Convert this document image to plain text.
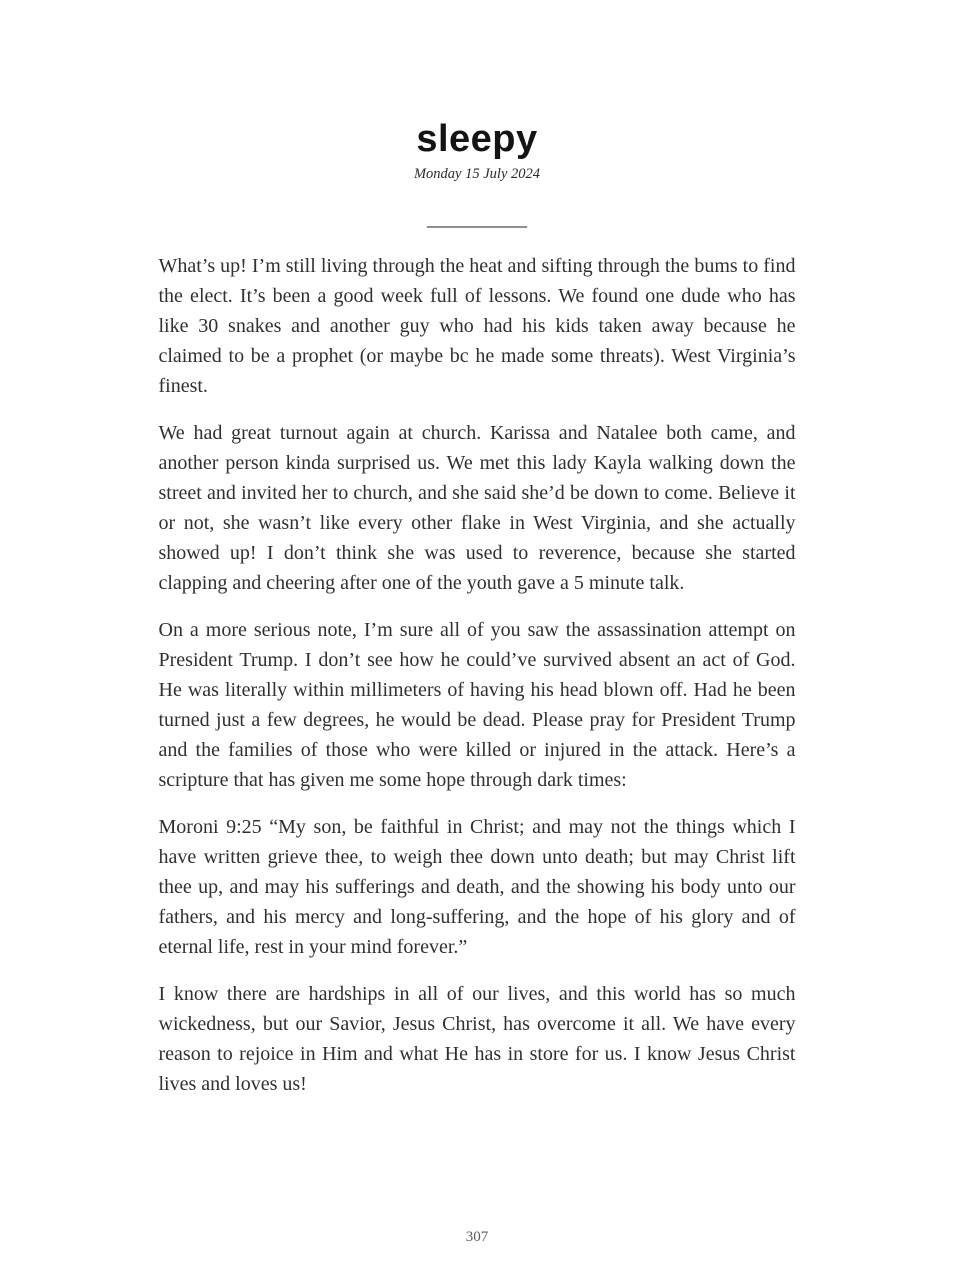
sleepy
Monday 15 July 2024
__________

What’s up! I’m still living through the heat and sifting through the bums to find the elect. It’s been a good week full of lessons. We found one dude who has like 30 snakes and another guy who had his kids taken away because he claimed to be a prophet (or maybe bc he made some threats). West Virginia’s finest.

We had great turnout again at church. Karissa and Natalee both came, and another person kinda surprised us. We met this lady Kayla walking down the street and invited her to church, and she said she’d be down to come. Believe it or not, she wasn’t like every other flake in West Virginia, and she actually showed up! I don’t think she was used to reverence, because she started clapping and cheering after one of the youth gave a 5 minute talk.

On a more serious note, I’m sure all of you saw the assassination attempt on President Trump. I don’t see how he could’ve survived absent an act of God. He was literally within millimeters of having his head blown off. Had he been turned just a few degrees, he would be dead. Please pray for President Trump and the families of those who were killed or injured in the attack. Here’s a scripture that has given me some hope through dark times:

Moroni 9:25 “My son, be faithful in Christ; and may not the things which I have written grieve thee, to weigh thee down unto death; but may Christ lift thee up, and may his sufferings and death, and the showing his body unto our fathers, and his mercy and long-suffering, and the hope of his glory and of eternal life, rest in your mind forever.”

I know there are hardships in all of our lives, and this world has so much wickedness, but our Savior, Jesus Christ, has overcome it all. We have every reason to rejoice in Him and what He has in store for us. I know Jesus Christ lives and loves us!

307
